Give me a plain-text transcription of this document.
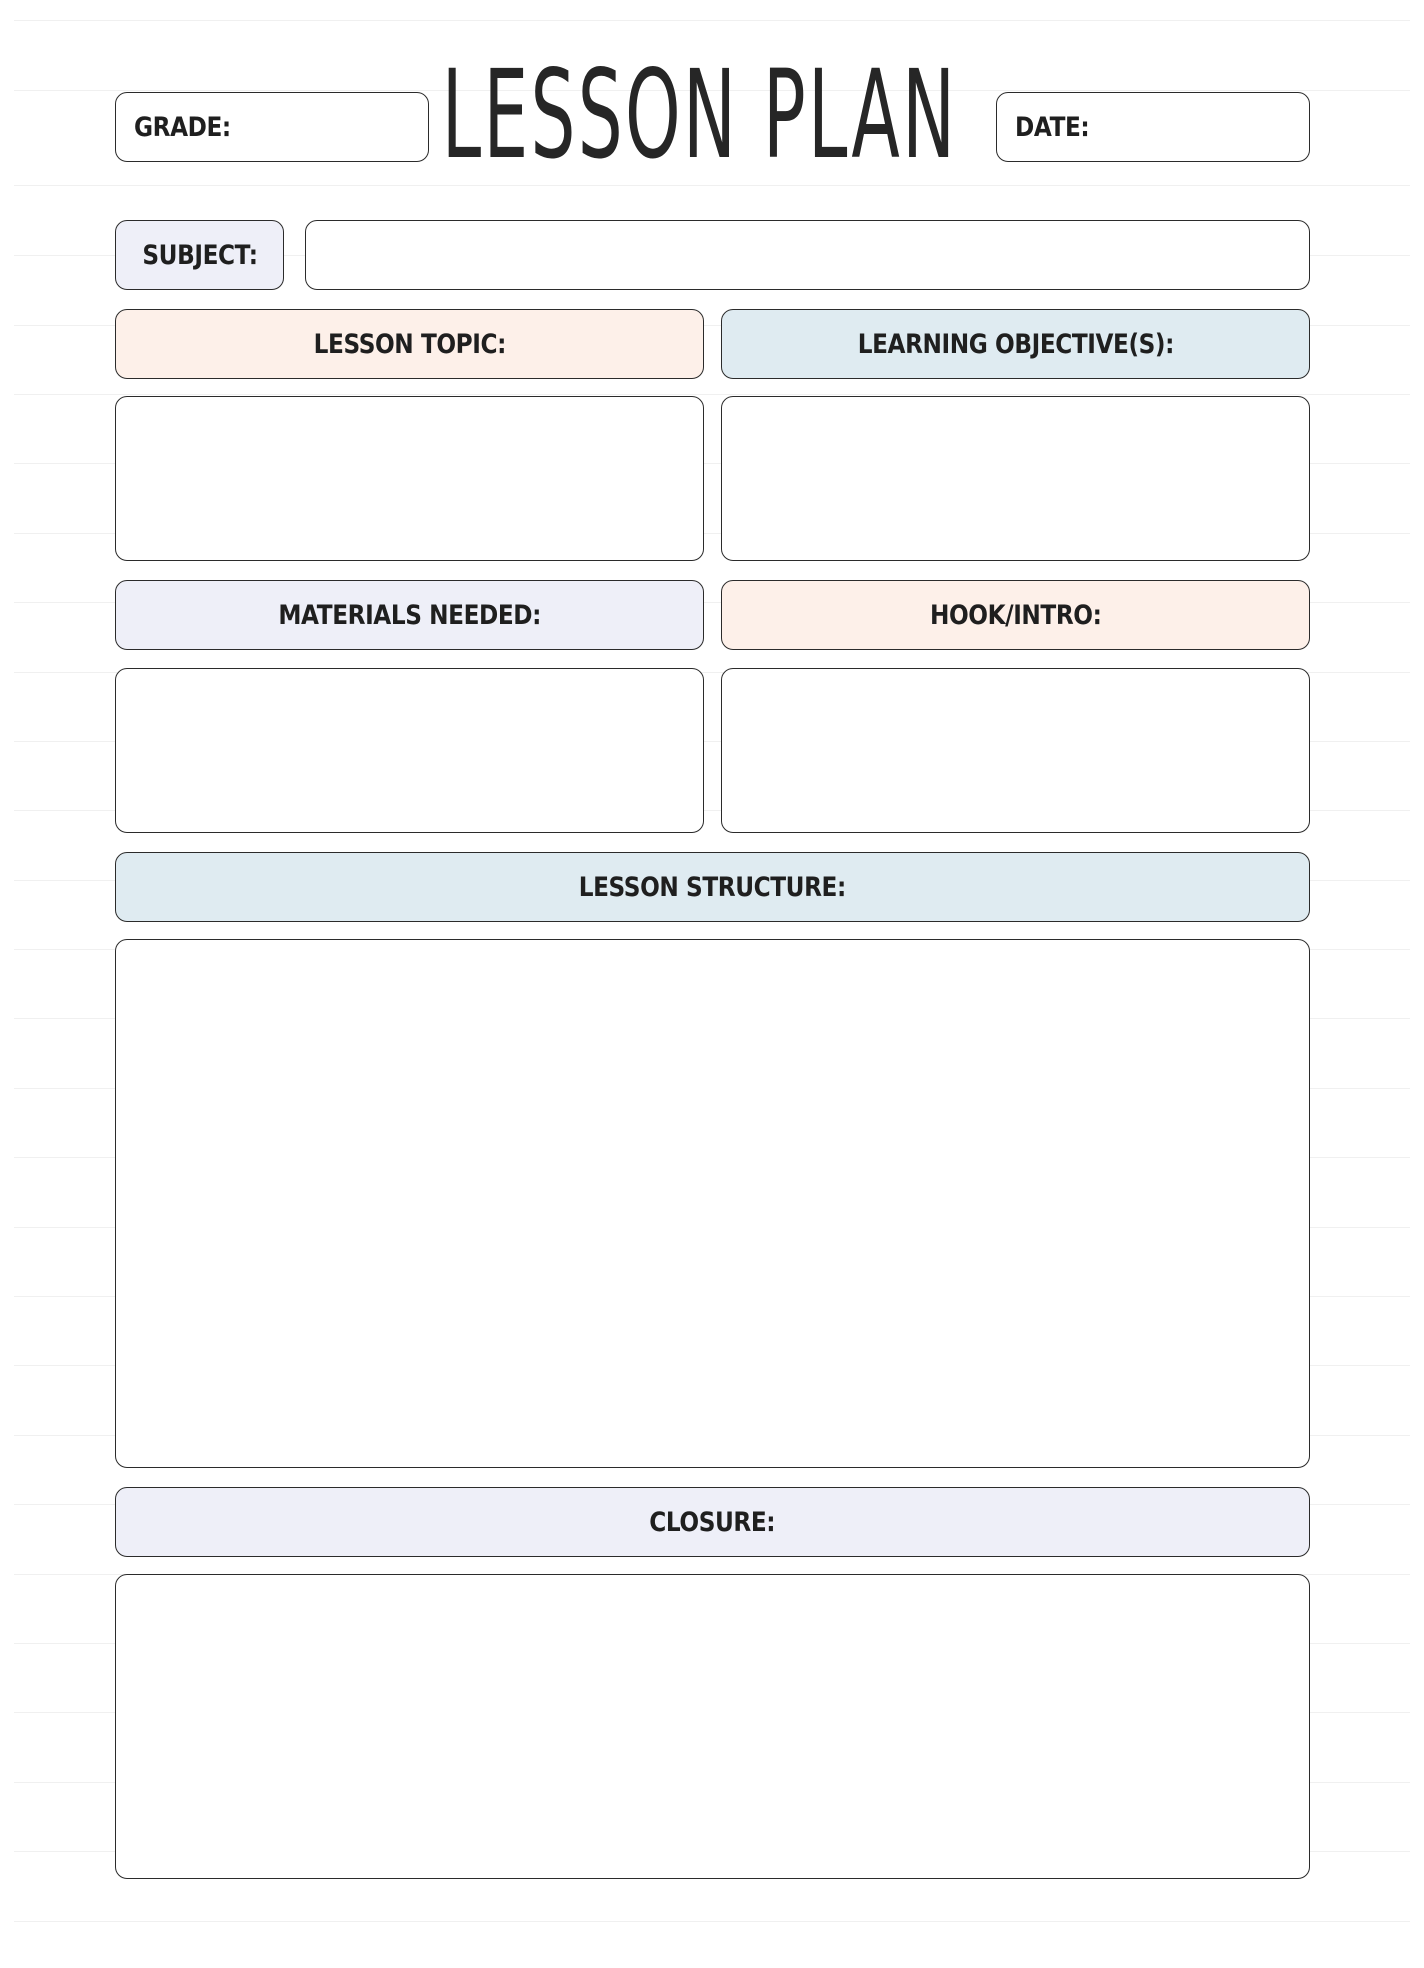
GRADE: LESSON PLAN DATE:
SUBJECT:
LESSON TOPIC:	LEARNING OBJECTIVE(S):
MATERIALS NEEDED:	HOOK/INTRO:
LESSON STRUCTURE:
CLOSURE:
